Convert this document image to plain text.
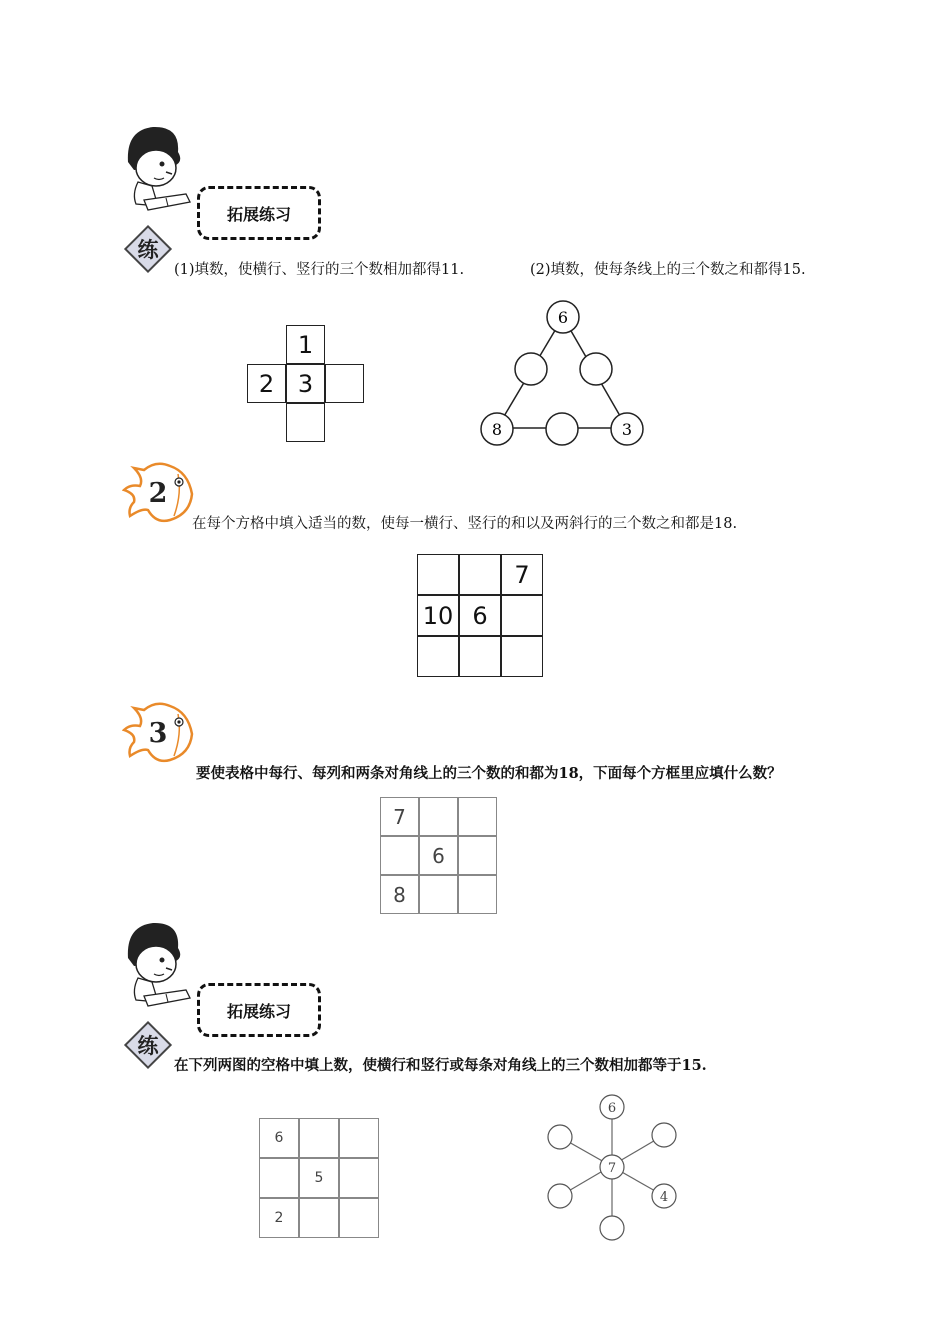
拓展练习
练
(1)填数，使横行、竖行的三个数相加都得11.	(2)填数，使每条线上的三个数之和都得15.
1
2 3
6
8	3
2
在每个方格中填入适当的数，使每一横行、竖行的和以及两斜行的三个数之和都是18.
7
10 6
3
要使表格中每行、每列和两条对角线上的三个数的和都为18，下面每个方框里应填什么数？
7
6
8
拓展练习
练
在下列两图的空格中填上数，使横行和竖行或每条对角线上的三个数相加都等于15.
6
5
2
6
7
4
